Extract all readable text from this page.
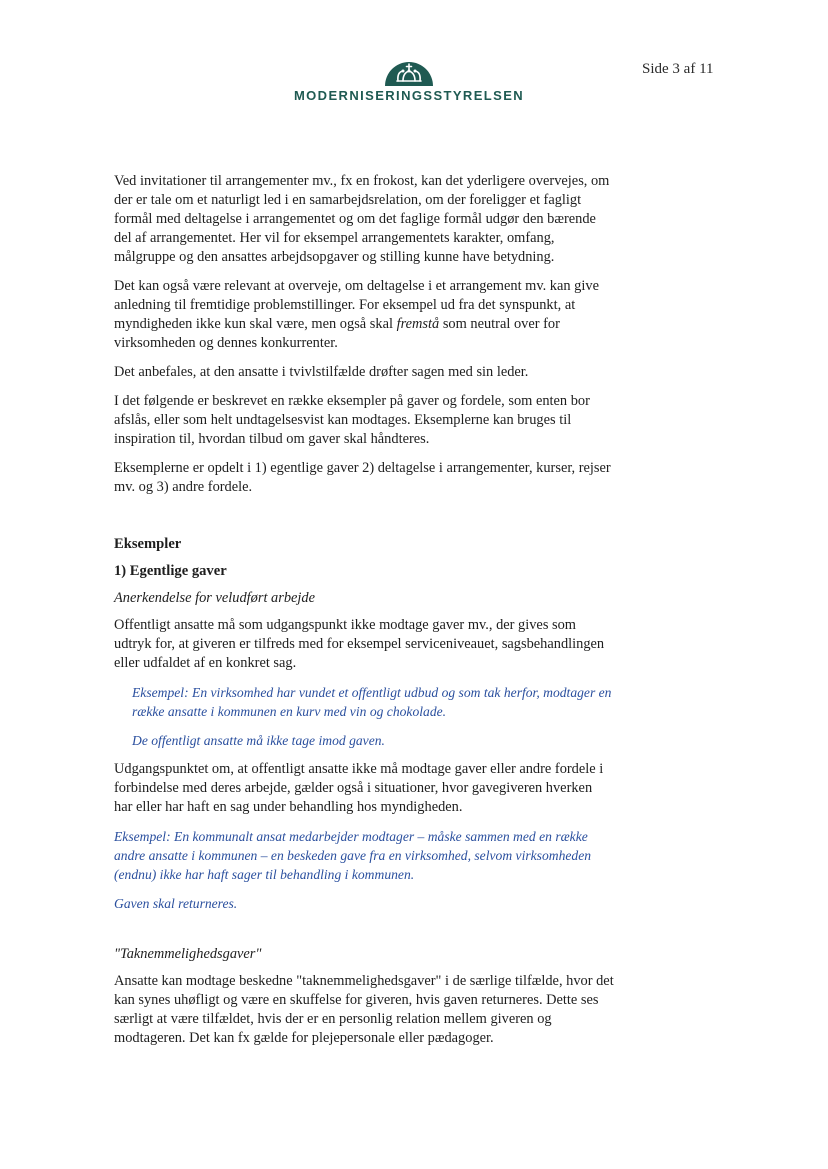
Side 3 af 11
MODERNISERINGSSTYRELSEN

Ved invitationer til arrangementer mv., fx en frokost, kan det yderligere overvejes, om der er tale om et naturligt led i en samarbejdsrelation, om der foreligger et fagligt formål med deltagelse i arrangementet og om det faglige formål udgør den bærende del af arrangementet. Her vil for eksempel arrangementets karakter, omfang, målgruppe og den ansattes arbejdsopgaver og stilling kunne have betydning.

Det kan også være relevant at overveje, om deltagelse i et arrangement mv. kan give anledning til fremtidige problemstillinger. For eksempel ud fra det synspunkt, at myndigheden ikke kun skal være, men også skal fremstå som neutral over for virksomheden og dennes konkurrenter.

Det anbefales, at den ansatte i tvivlstilfælde drøfter sagen med sin leder.

I det følgende er beskrevet en række eksempler på gaver og fordele, som enten bor afslås, eller som helt undtagelsesvist kan modtages. Eksemplerne kan bruges til inspiration til, hvordan tilbud om gaver skal håndteres.

Eksemplerne er opdelt i 1) egentlige gaver 2) deltagelse i arrangementer, kurser, rejser mv. og 3) andre fordele.

Eksempler
1) Egentlige gaver
Anerkendelse for veludført arbejde

Offentligt ansatte må som udgangspunkt ikke modtage gaver mv., der gives som udtryk for, at giveren er tilfreds med for eksempel serviceniveauet, sagsbehandlingen eller udfaldet af en konkret sag.

Eksempel: En virksomhed har vundet et offentligt udbud og som tak herfor, modtager en række ansatte i kommunen en kurv med vin og chokolade.

De offentligt ansatte må ikke tage imod gaven.

Udgangspunktet om, at offentligt ansatte ikke må modtage gaver eller andre fordele i forbindelse med deres arbejde, gælder også i situationer, hvor gavegiveren hverken har eller har haft en sag under behandling hos myndigheden.

Eksempel: En kommunalt ansat medarbejder modtager – måske sammen med en række andre ansatte i kommunen – en beskeden gave fra en virksomhed, selvom virksomheden (endnu) ikke har haft sager til behandling i kommunen.

Gaven skal returneres.

"Taknemmelighedsgaver"

Ansatte kan modtage beskedne "taknemmelighedsgaver" i de særlige tilfælde, hvor det kan synes uhøfligt og være en skuffelse for giveren, hvis gaven returneres. Dette ses særligt at være tilfældet, hvis der er en personlig relation mellem giveren og modtageren. Det kan fx gælde for plejepersonale eller pædagoger.
